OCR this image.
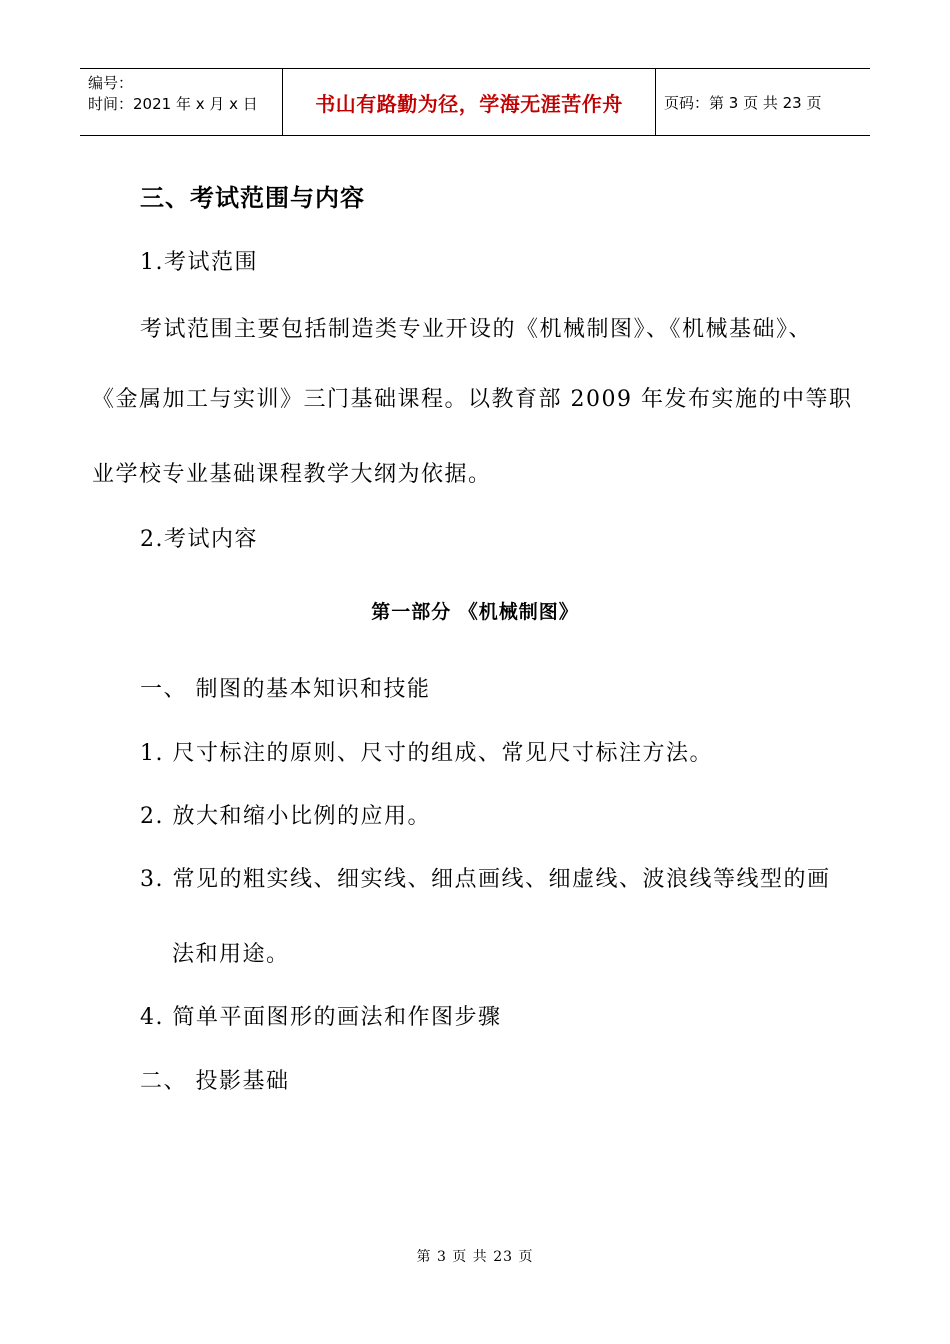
编号：
时间：2021 年 x 月 x 日	书山有路勤为径，学海无涯苦作舟	页码：第 3 页 共 23 页
三、考试范围与内容
1.考试范围
考试范围主要包括制造类专业开设的《机械制图》、《机械基础》、
《金属加工与实训》三门基础课程。以教育部 2009 年发布实施的中等职
业学校专业基础课程教学大纲为依据。
2.考试内容
第一部分 《机械制图》
一、 制图的基本知识和技能
1. 尺寸标注的原则、尺寸的组成、常见尺寸标注方法。
2. 放大和缩小比例的应用。
3. 常见的粗实线、细实线、细点画线、细虚线、波浪线等线型的画
法和用途。
4. 简单平面图形的画法和作图步骤
二、 投影基础
第 3 页 共 23 页
